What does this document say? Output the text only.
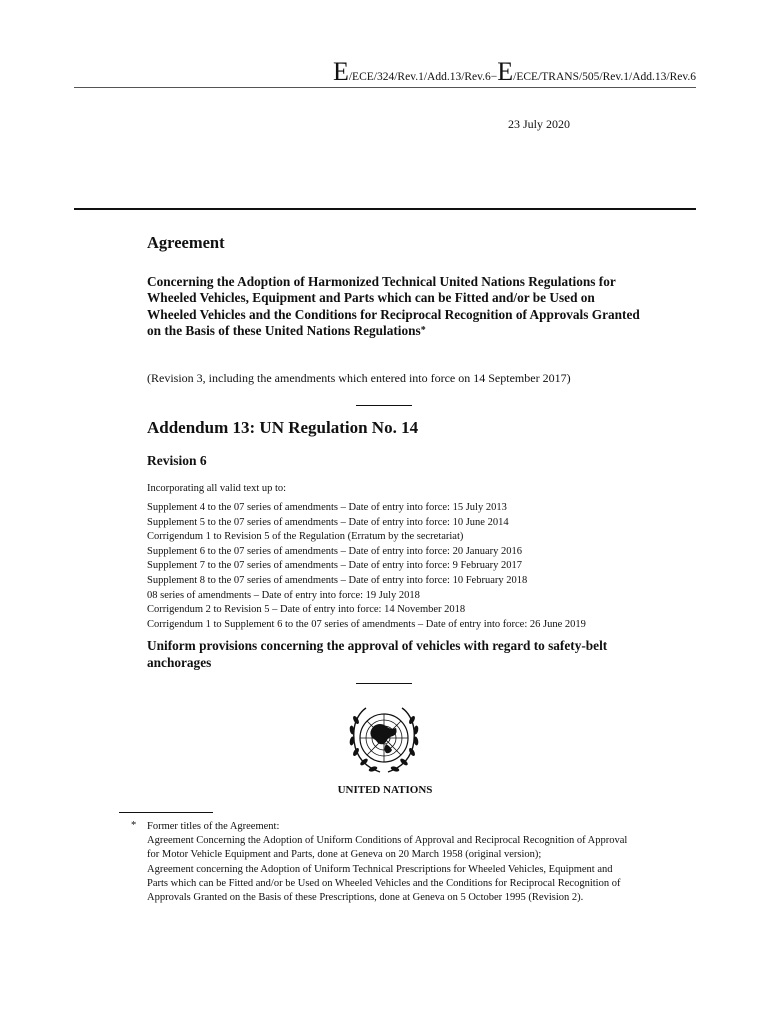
E/ECE/324/Rev.1/Add.13/Rev.6−E/ECE/TRANS/505/Rev.1/Add.13/Rev.6
23 July 2020
Agreement
Concerning the Adoption of Harmonized Technical United Nations Regulations for Wheeled Vehicles, Equipment and Parts which can be Fitted and/or be Used on Wheeled Vehicles and the Conditions for Reciprocal Recognition of Approvals Granted on the Basis of these United Nations Regulations*
(Revision 3, including the amendments which entered into force on 14 September 2017)
Addendum 13: UN Regulation No. 14
Revision 6
Incorporating all valid text up to:
Supplement 4 to the 07 series of amendments – Date of entry into force: 15 July 2013
Supplement 5 to the 07 series of amendments – Date of entry into force: 10 June 2014
Corrigendum 1 to Revision 5 of the Regulation (Erratum by the secretariat)
Supplement 6 to the 07 series of amendments – Date of entry into force: 20 January 2016
Supplement 7 to the 07 series of amendments – Date of entry into force: 9 February 2017
Supplement 8 to the 07 series of amendments – Date of entry into force: 10 February 2018
08 series of amendments – Date of entry into force: 19 July 2018
Corrigendum 2 to Revision 5 – Date of entry into force: 14 November 2018
Corrigendum 1 to Supplement 6 to the 07 series of amendments – Date of entry into force: 26 June 2019
Uniform provisions concerning the approval of vehicles with regard to safety-belt anchorages
UNITED NATIONS
* Former titles of the Agreement:

Agreement Concerning the Adoption of Uniform Conditions of Approval and Reciprocal Recognition of Approval for Motor Vehicle Equipment and Parts, done at Geneva on 20 March 1958 (original version);

Agreement concerning the Adoption of Uniform Technical Prescriptions for Wheeled Vehicles, Equipment and Parts which can be Fitted and/or be Used on Wheeled Vehicles and the Conditions for Reciprocal Recognition of Approvals Granted on the Basis of these Prescriptions, done at Geneva on 5 October 1995 (Revision 2).
